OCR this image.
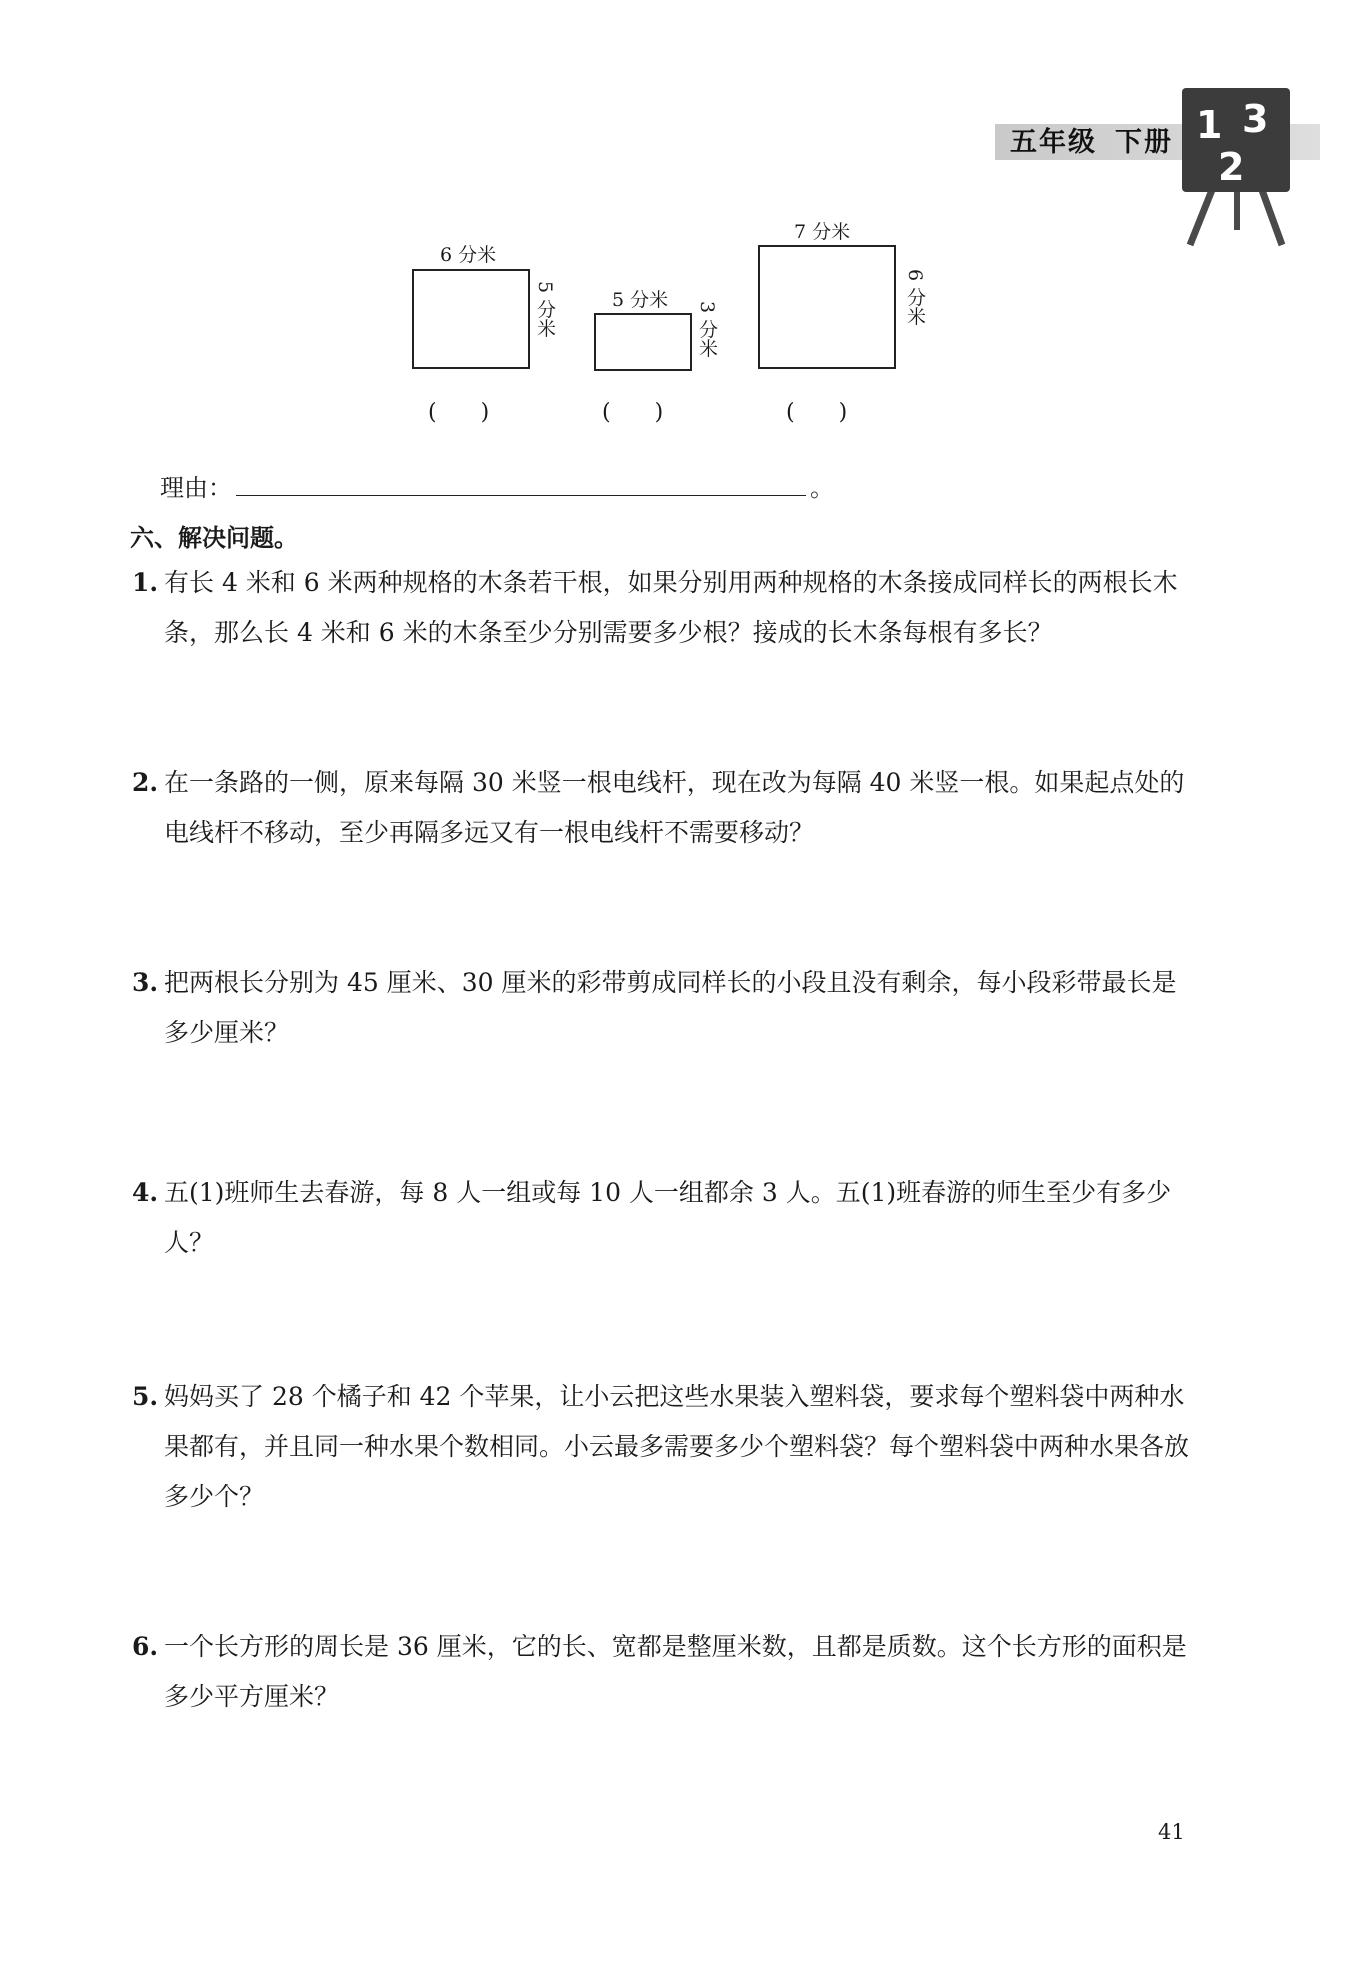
五年级 下册 1 3
2
6 分米
5 分米
(　　)
5 分米
3 分米
(　　)
7 分米
6 分米
(　　)
理由：	。
六、解决问题。
1. 有长 4 米和 6 米两种规格的木条若干根，如果分别用两种规格的木条接成同样长的两根长木条，那么长 4 米和 6 米的木条至少分别需要多少根？接成的长木条每根有多长？
2. 在一条路的一侧，原来每隔 30 米竖一根电线杆，现在改为每隔 40 米竖一根。如果起点处的电线杆不移动，至少再隔多远又有一根电线杆不需要移动？
3. 把两根长分别为 45 厘米、30 厘米的彩带剪成同样长的小段且没有剩余，每小段彩带最长是多少厘米？
4. 五(1)班师生去春游，每 8 人一组或每 10 人一组都余 3 人。五(1)班春游的师生至少有多少人？
5. 妈妈买了 28 个橘子和 42 个苹果，让小云把这些水果装入塑料袋，要求每个塑料袋中两种水果都有，并且同一种水果个数相同。小云最多需要多少个塑料袋？每个塑料袋中两种水果各放多少个？
6. 一个长方形的周长是 36 厘米，它的长、宽都是整厘米数，且都是质数。这个长方形的面积是多少平方厘米？
41
